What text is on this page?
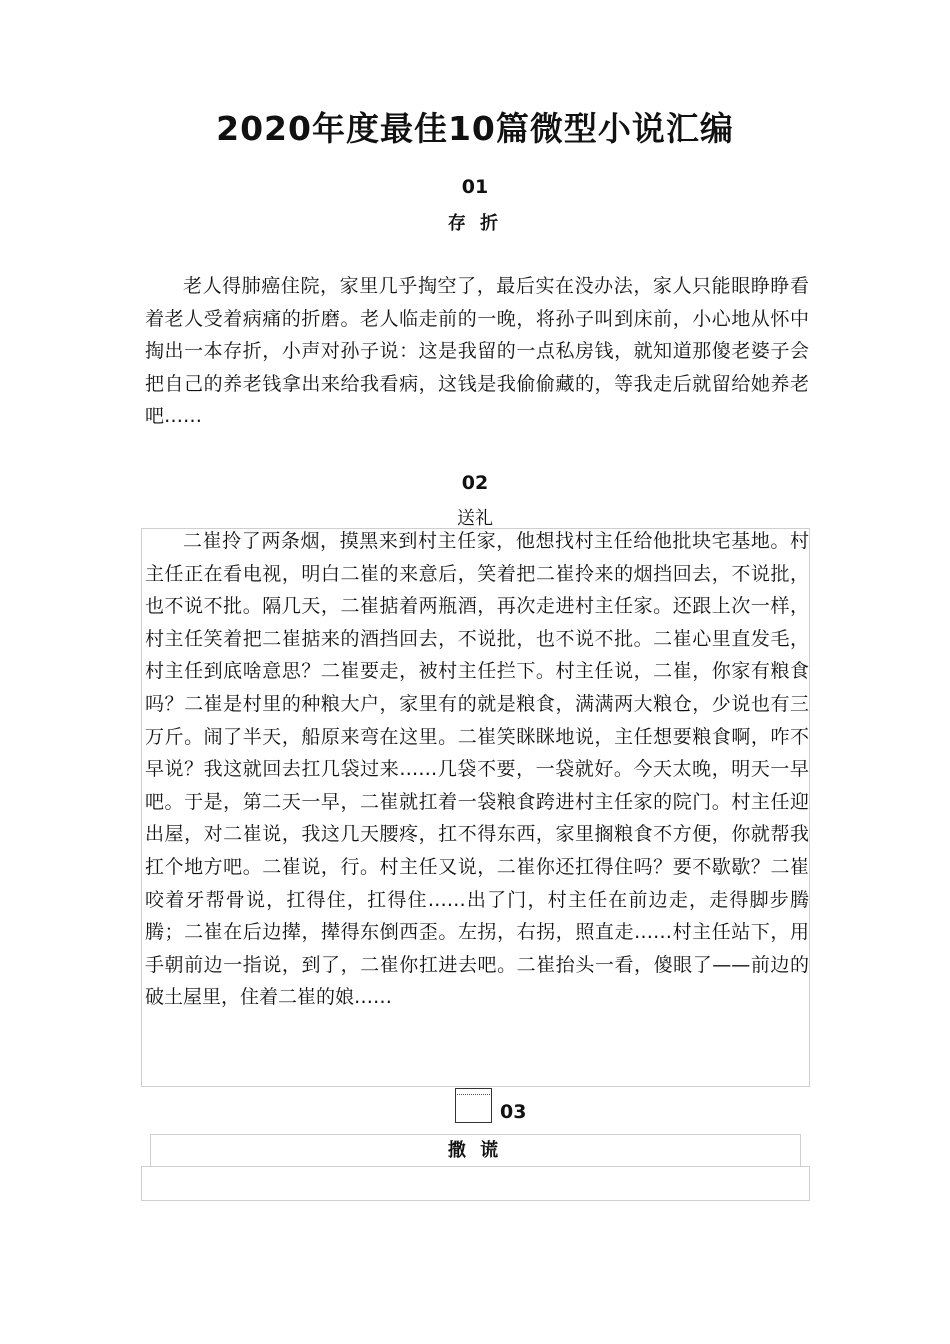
2020年度最佳10篇微型小说汇编
01
存 折

老人得肺癌住院，家里几乎掏空了，最后实在没办法，家人只能眼睁睁看着老人受着病痛的折磨。老人临走前的一晚，将孙子叫到床前，小心地从怀中掏出一本存折，小声对孙子说：这是我留的一点私房钱，就知道那傻老婆子会把自己的养老钱拿出来给我看病，这钱是我偷偷藏的，等我走后就留给她养老吧……

02
送礼

二崔拎了两条烟，摸黑来到村主任家，他想找村主任给他批块宅基地。村主任正在看电视，明白二崔的来意后，笑着把二崔拎来的烟挡回去，不说批，也不说不批。隔几天，二崔掂着两瓶酒，再次走进村主任家。还跟上次一样，村主任笑着把二崔掂来的酒挡回去，不说批，也不说不批。二崔心里直发毛，村主任到底啥意思？二崔要走，被村主任拦下。村主任说，二崔，你家有粮食吗？二崔是村里的种粮大户，家里有的就是粮食，满满两大粮仓，少说也有三万斤。闹了半天，船原来弯在这里。二崔笑眯眯地说，主任想要粮食啊，咋不早说？我这就回去扛几袋过来……几袋不要，一袋就好。今天太晚，明天一早吧。于是，第二天一早，二崔就扛着一袋粮食跨进村主任家的院门。村主任迎出屋，对二崔说，我这几天腰疼，扛不得东西，家里搁粮食不方便，你就帮我扛个地方吧。二崔说，行。村主任又说，二崔你还扛得住吗？要不歇歇？二崔咬着牙帮骨说，扛得住，扛得住……出了门，村主任在前边走，走得脚步腾腾；二崔在后边撵，撵得东倒西歪。左拐，右拐，照直走……村主任站下，用手朝前边一指说，到了，二崔你扛进去吧。二崔抬头一看，傻眼了——前边的破土屋里，住着二崔的娘……

03
撒 谎
